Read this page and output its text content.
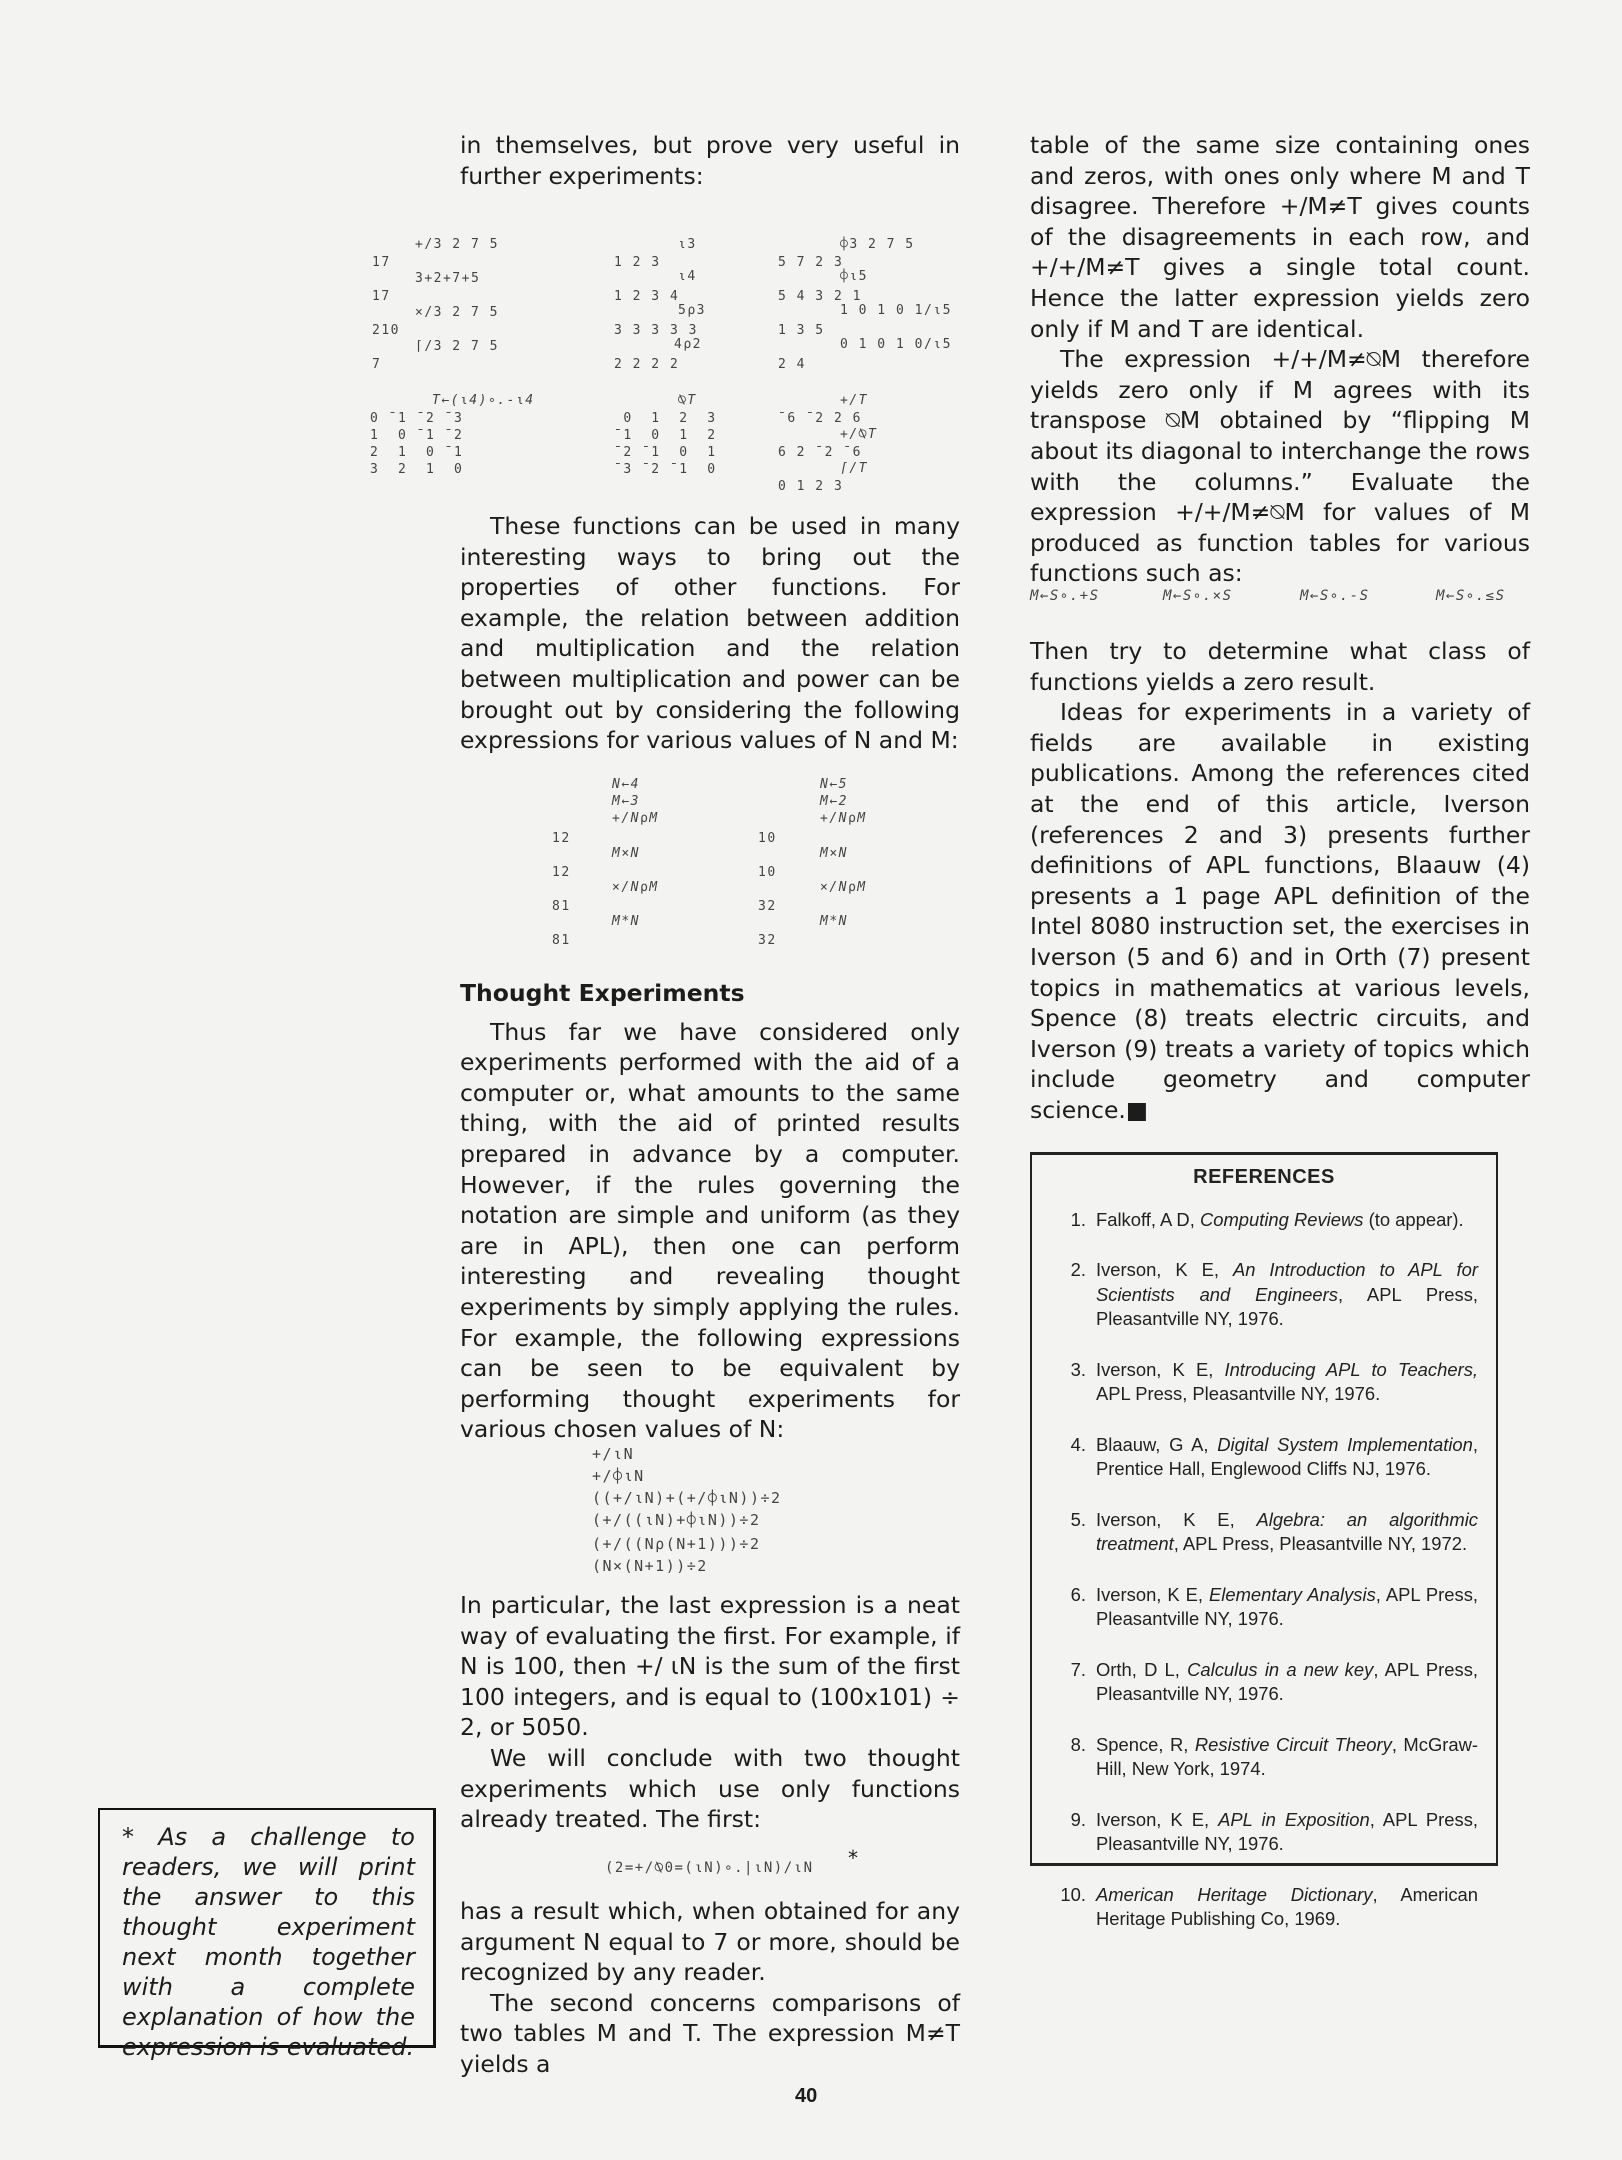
in themselves, but prove very useful in further experiments:

+/3 2 7 5
17
3+2+7+5
17
×/3 2 7 5
210
⌈/3 2 7 5
7
⍳3
1 2 3
⍳4
1 2 3 4
5⍴3
3 3 3 3 3
4⍴2
2 2 2 2
⌽3 2 7 5
5 7 2 3
⌽⍳5
5 4 3 2 1
1 0 1 0 1/⍳5
1 3 5
0 1 0 1 0/⍳5
2 4
T←(⍳4)∘.-⍳4
0 ¯1 ¯2 ¯3
1  0 ¯1 ¯2
2  1  0 ¯1
3  2  1  0
⍉T
0  1  2  3
¯1  0  1  2
¯2 ¯1  0  1
¯3 ¯2 ¯1  0
+/T
¯6 ¯2 2 6
+/⍉T
6 2 ¯2 ¯6
⌈/T
0 1 2 3

These functions can be used in many interesting ways to bring out the properties of other functions. For example, the relation between addition and multiplication and the relation between multiplication and power can be brought out by considering the following expressions for various values of N and M:

N←4
M←3
+/N⍴M
12
M×N
12
×/N⍴M
81
M*N
81
N←5
M←2
+/N⍴M
10
M×N
10
×/N⍴M
32
M*N
32
Thought Experiments

Thus far we have considered only experiments performed with the aid of a computer or, what amounts to the same thing, with the aid of printed results prepared in advance by a computer. However, if the rules governing the notation are simple and uniform (as they are in APL), then one can perform interesting and revealing thought experiments by simply applying the rules. For example, the following expressions can be seen to be equivalent by performing thought experiments for various chosen values of N:

+/⍳N
+/⌽⍳N
((+/⍳N)+(+/⌽⍳N))÷2
(+/((⍳N)+⌽⍳N))÷2
(+/((N⍴(N+1)))÷2
(N×(N+1))÷2

In particular, the last expression is a neat way of evaluating the first. For example, if N is 100, then +/ ⍳N is the sum of the first 100 integers, and is equal to (100x101) ÷ 2, or 5050.

We will conclude with two thought experiments which use only functions already treated. The first:

(2=+/⍉0=(⍳N)∘.|⍳N)/⍳N *

has a result which, when obtained for any argument N equal to 7 or more, should be recognized by any reader.

The second concerns comparisons of two tables M and T. The expression M≠T yields a

* As a challenge to readers, we will print the answer to this thought experiment next month together with a complete explanation of how the expression is evaluated.

table of the same size containing ones and zeros, with ones only where M and T disagree. Therefore +/M≠T gives counts of the disagreements in each row, and +/+/M≠T gives a single total count. Hence the latter expression yields zero only if M and T are identical.

The expression +/+/M≠⍉M therefore yields zero only if M agrees with its transpose ⍉M obtained by “flipping M about its diagonal to interchange the rows with the columns.” Evaluate the expression +/+/M≠⍉M for values of M produced as function tables for various functions such as:

M←S∘.+S	M←S∘.×S	M←S∘.-S	M←S∘.≤S

Then try to determine what class of functions yields a zero result.

Ideas for experiments in a variety of fields are available in existing publications. Among the references cited at the end of this article, Iverson (references 2 and 3) presents further definitions of APL functions, Blaauw (4) presents a 1 page APL definition of the Intel 8080 instruction set, the exercises in Iverson (5 and 6) and in Orth (7) present topics in mathematics at various levels, Spence (8) treats electric circuits, and Iverson (9) treats a variety of topics which include geometry and computer science.■

REFERENCES
1. Falkoff, A D, Computing Reviews (to appear).
2. Iverson, K E, An Introduction to APL for Scientists and Engineers, APL Press, Pleasantville NY, 1976.
3. Iverson, K E, Introducing APL to Teachers, APL Press, Pleasantville NY, 1976.
4. Blaauw, G A, Digital System Implementation, Prentice Hall, Englewood Cliffs NJ, 1976.
5. Iverson, K E, Algebra: an algorithmic treatment, APL Press, Pleasantville NY, 1972.
6. Iverson, K E, Elementary Analysis, APL Press, Pleasantville NY, 1976.
7. Orth, D L, Calculus in a new key, APL Press, Pleasantville NY, 1976.
8. Spence, R, Resistive Circuit Theory, McGraw-Hill, New York, 1974.
9. Iverson, K E, APL in Exposition, APL Press, Pleasantville NY, 1976.
10. American Heritage Dictionary, American Heritage Publishing Co, 1969.
40
